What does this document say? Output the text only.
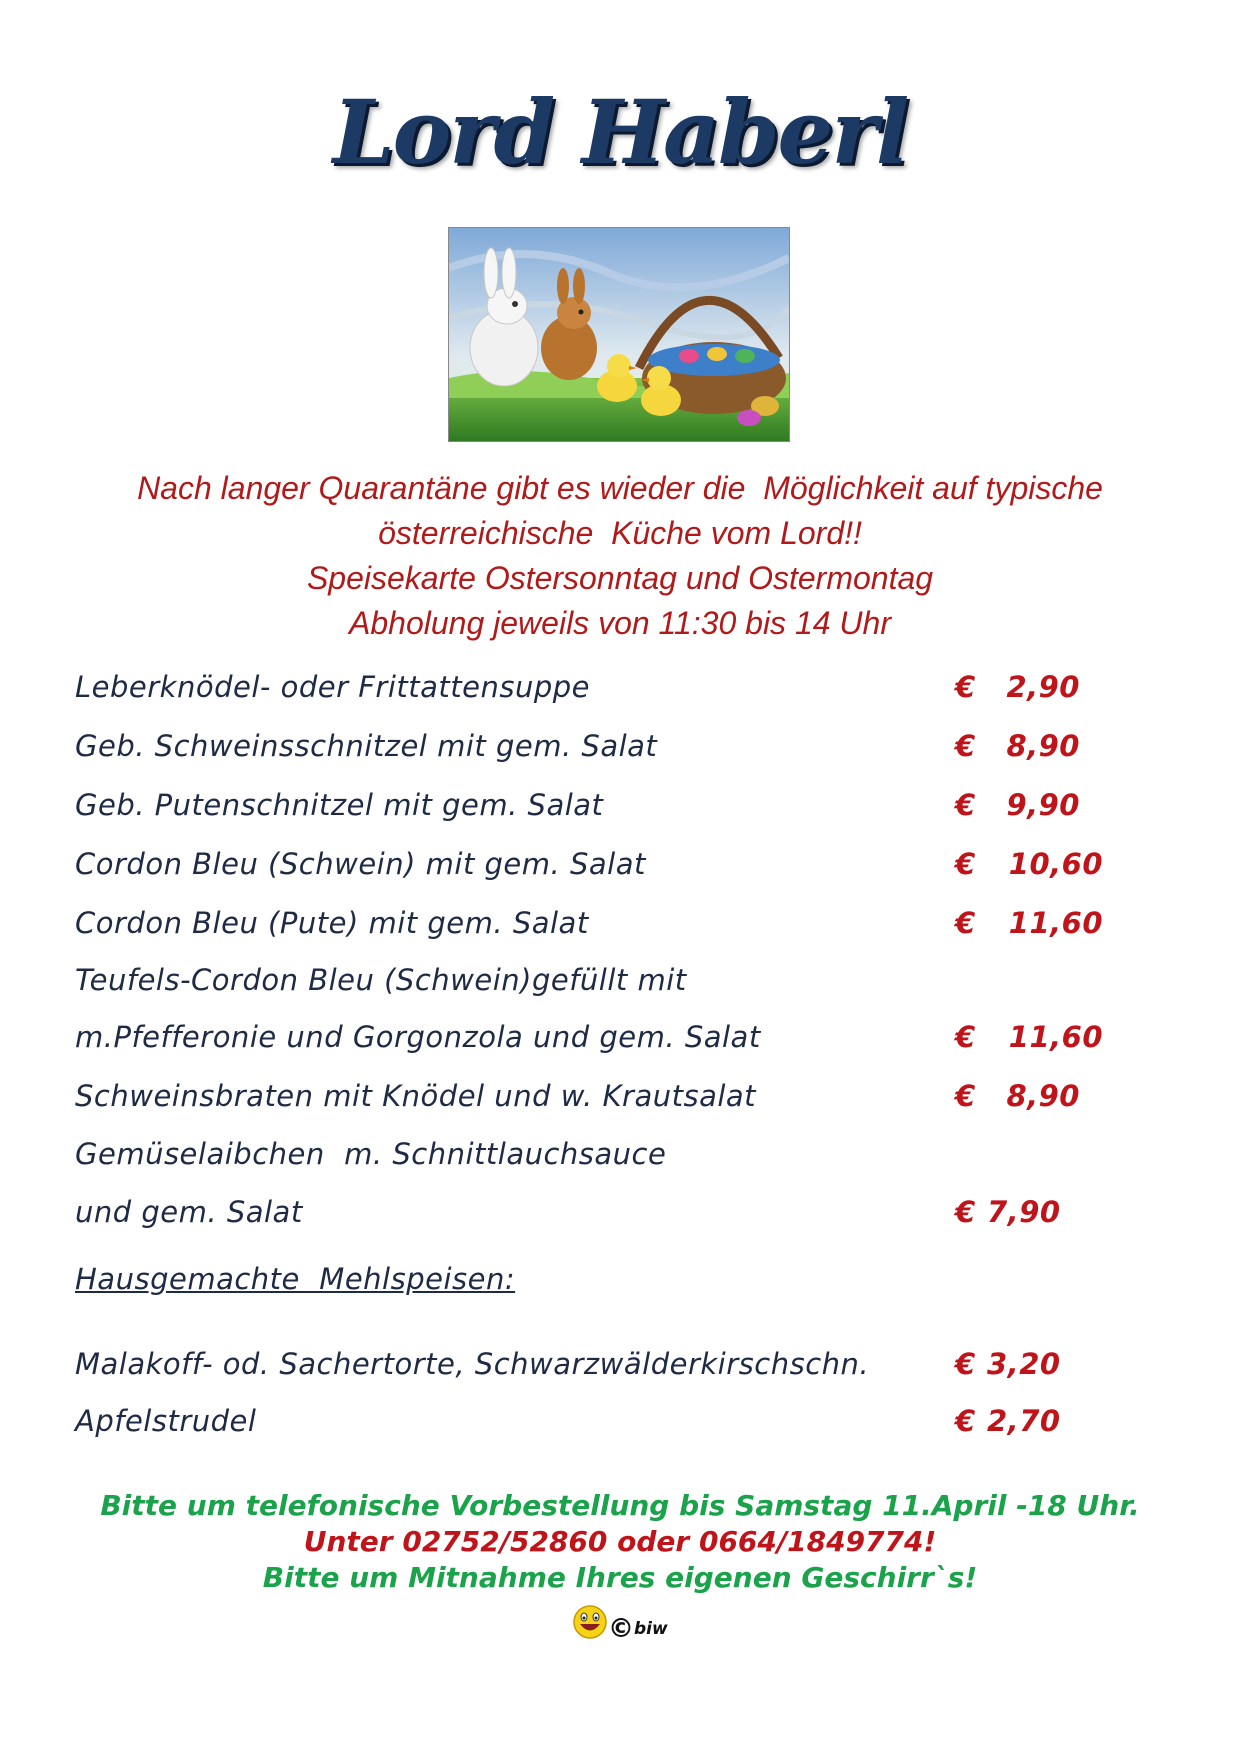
Lord Haberl
Nach langer Quarantäne gibt es wieder die  Möglichkeit auf typische
österreichische  Küche vom Lord!!
Speisekarte Ostersonntag und Ostermontag
Abholung jeweils von 11:30 bis 14 Uhr
Leberknödel- oder Frittattensuppe	€ 2,90
Geb. Schweinsschnitzel mit gem. Salat	€ 8,90
Geb. Putenschnitzel mit gem. Salat	€ 9,90
Cordon Bleu (Schwein) mit gem. Salat	€ 10,60
Cordon Bleu (Pute) mit gem. Salat	€ 11,60
Teufels-Cordon Bleu (Schwein)gefüllt mit
m.Pfefferonie und Gorgonzola und gem. Salat	€ 11,60
Schweinsbraten mit Knödel und w. Krautsalat	€ 8,90
Gemüselaibchen  m. Schnittlauchsauce
und gem. Salat	€ 7,90
Hausgemachte  Mehlspeisen:
Malakoff- od. Sachertorte, Schwarzwälderkirschschn.	€ 3,20
Apfelstrudel	€ 2,70
Bitte um telefonische Vorbestellung bis Samstag 11.April -18 Uhr.
Unter 02752/52860 oder 0664/1849774!
Bitte um Mitnahme Ihres eigenen Geschirr`s!
©biw
